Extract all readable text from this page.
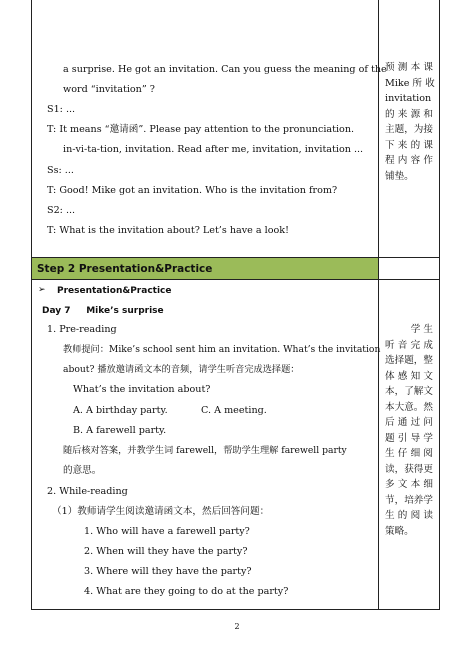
a surprise. He got an invitation. Can you guess the meaning of the
word “invitation” ?
S1: ...
T: It means “邀请函”. Please pay attention to the pronunciation.
in-vi-ta-tion, invitation. Read after me, invitation, invitation ...
Ss: ...
T: Good! Mike got an invitation. Who is the invitation from?
S2: ...
T: What is the invitation about? Let’s have a look!
预 测 本 课
Mike 所 收
invitation
的 来 源 和
主题，为接
下 来 的 课
程 内 容 作
铺垫。
Step 2 Presentation&Practice
➢ Presentation&Practice
Day 7     Mike’s surprise
1. Pre-reading
教师提问：Mike’s school sent him an invitation. What’s the invitation
about? 播放邀请函文本的音频，请学生听音完成选择题：
What’s the invitation about?
A. A birthday party.	C. A meeting.
B. A farewell party.
随后核对答案，并教学生词 farewell，帮助学生理解 farewell party
的意思。
2. While-reading
（1）教师请学生阅读邀请函文本，然后回答问题：
1. Who will have a farewell party?
2. When will they have the party?
3. Where will they have the party?
4. What are they going to do at the party?
学 生
听 音 完 成
选择题，整
体 感 知 文
本，了解文
本大意。然
后 通 过 问
题 引 导 学
生 仔 细 阅
读，获得更
多 文 本 细
节，培养学
生 的 阅 读
策略。
2
